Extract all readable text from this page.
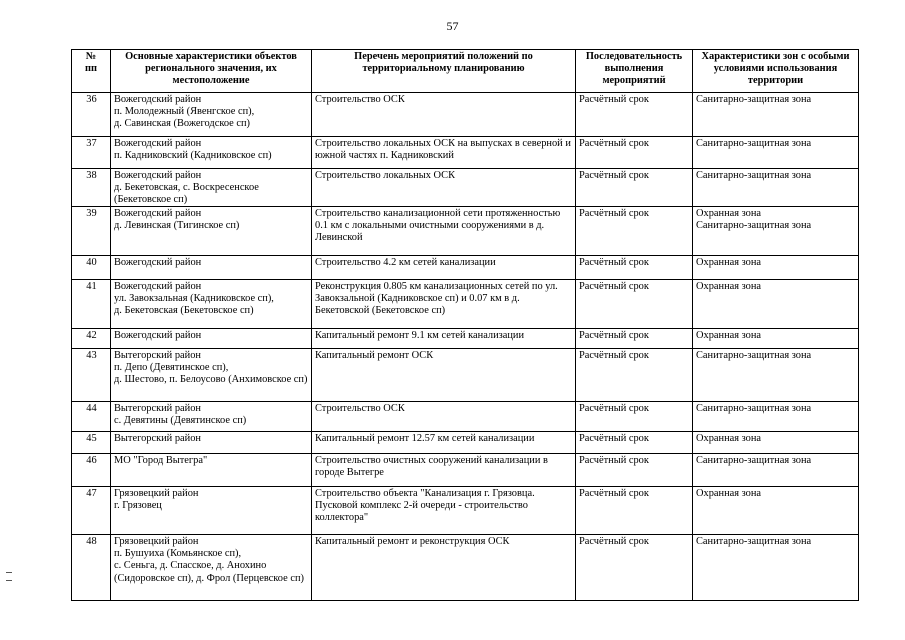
57
№
пп	Основные характеристики объектов регионального значения, их местоположение	Перечень мероприятий положений по территориальному планированию	Последовательность выполнения мероприятий	Характеристики зон с особыми условиями использования территории
36	Вожегодский район
п. Молодежный (Явенгское сп),
д. Савинская (Вожегодское сп)	Строительство ОСК	Расчётный срок	Санитарно-защитная зона
37	Вожегодский район
п. Кадниковский (Кадниковское сп)	Строительство локальных ОСК на выпусках в северной и южной частях п. Кадниковский	Расчётный срок	Санитарно-защитная зона
38	Вожегодский район
д. Бекетовская, с. Воскресенское (Бекетовское сп)	Строительство локальных ОСК	Расчётный срок	Санитарно-защитная зона
39	Вожегодский район
д. Левинская (Тигинское сп)	Строительство канализационной сети протяженностью 0.1 км с локальными очистными сооружениями в д. Левинской	Расчётный срок	Охранная зона
Санитарно-защитная зона
40	Вожегодский район	Строительство 4.2 км сетей канализации	Расчётный срок	Охранная зона
41	Вожегодский район
ул. Завокзальная (Кадниковское сп),
д. Бекетовская (Бекетовское сп)	Реконструкция 0.805 км канализационных сетей по ул. Завокзальной (Кадниковское сп) и 0.07 км в д. Бекетовской (Бекетовское сп)	Расчётный срок	Охранная зона
42	Вожегодский район	Капитальный ремонт 9.1 км сетей канализации	Расчётный срок	Охранная зона
43	Вытегорский район
п. Депо (Девятинское сп),
д. Шестово, п. Белоусово (Анхимовское сп)	Капитальный ремонт ОСК	Расчётный срок	Санитарно-защитная зона
44	Вытегорский район
с. Девятины (Девятинское сп)	Строительство ОСК	Расчётный срок	Санитарно-защитная зона
45	Вытегорский район	Капитальный ремонт 12.57 км сетей канализации	Расчётный срок	Охранная зона
46	МО "Город Вытегра"	Строительство очистных сооружений канализации в городе Вытегре	Расчётный срок	Санитарно-защитная зона
47	Грязовецкий район
г. Грязовец	Строительство объекта "Канализация г. Грязовца. Пусковой комплекс 2-й очереди - строительство коллектора"	Расчётный срок	Охранная зона
48	Грязовецкий район
п. Бушуиха (Комьянское сп),
с. Сеньга, д. Спасское, д. Анохино (Сидоровское сп), д. Фрол (Перцевское сп)	Капитальный ремонт и реконструкция ОСК	Расчётный срок	Санитарно-защитная зона
